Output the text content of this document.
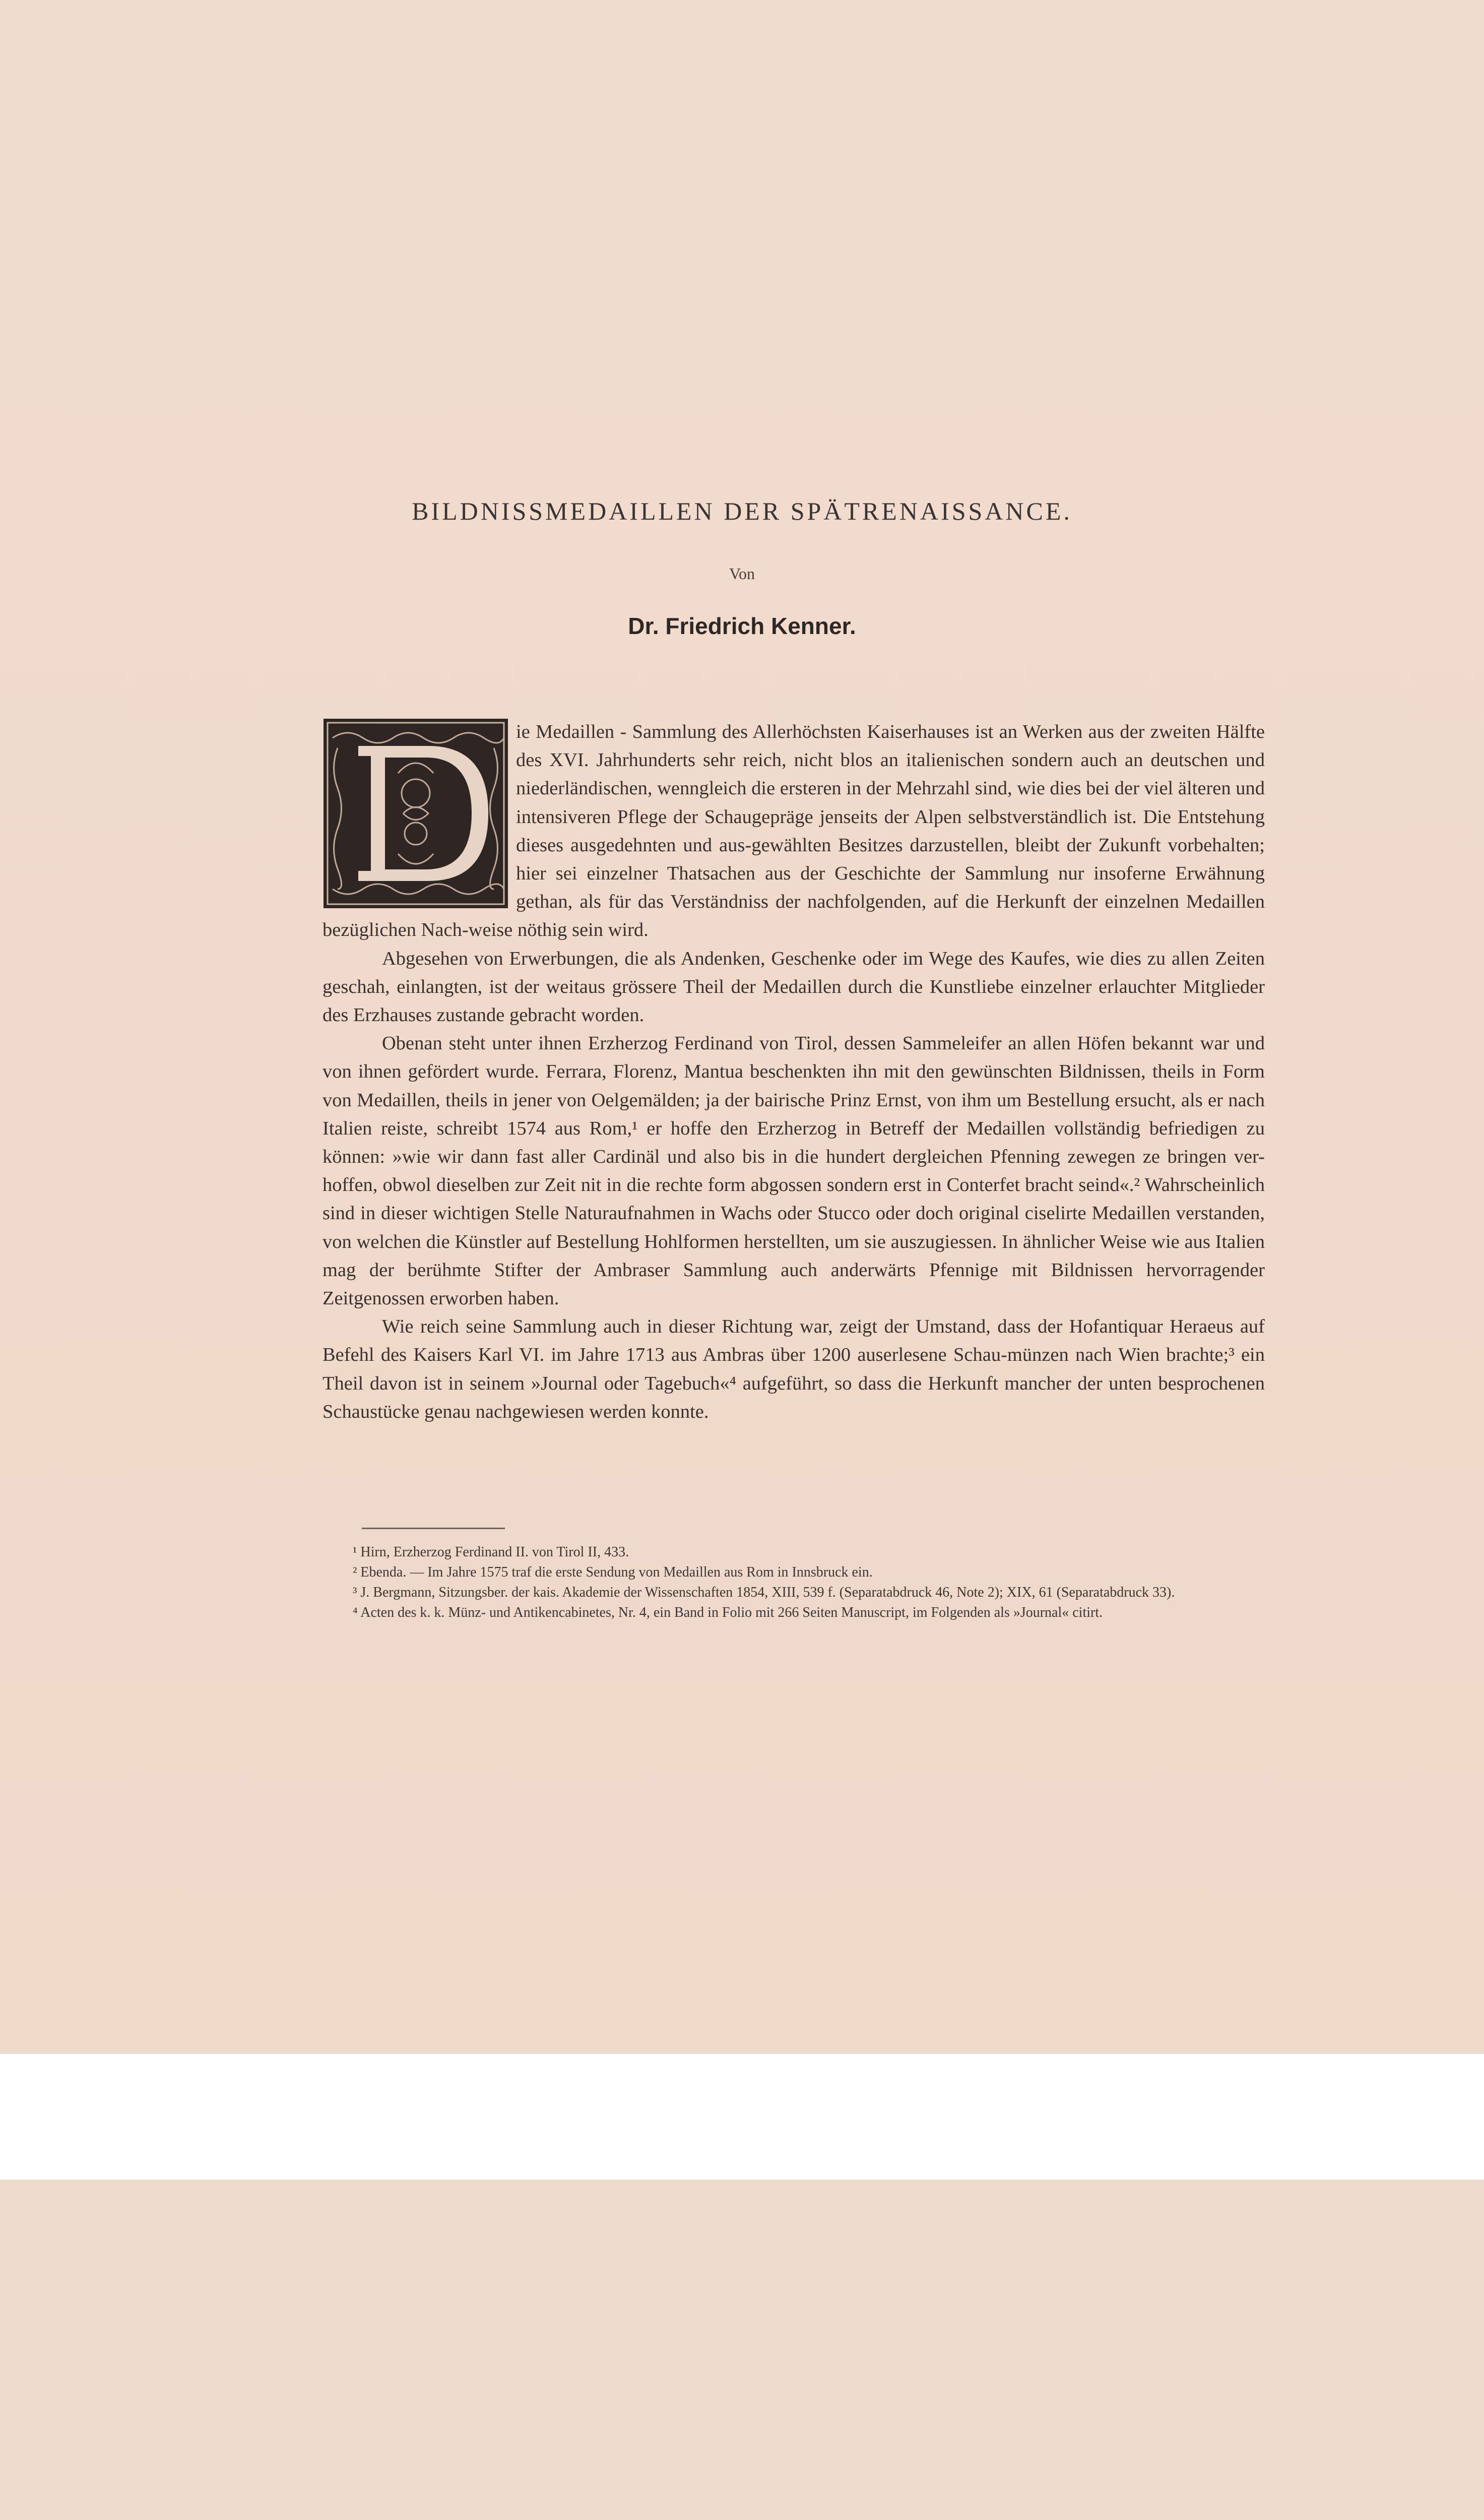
BILDNISSMEDAILLEN DER SPÄTRENAISSANCE.
Von
Dr. Friedrich Kenner.
D

ie Medaillen - Sammlung des Allerhöchsten Kaiserhauses ist an Werken aus der zweiten Hälfte des XVI. Jahrhunderts sehr reich, nicht blos an italienischen sondern auch an deutschen und niederländischen, wenngleich die ersteren in der Mehrzahl sind, wie dies bei der viel älteren und intensiveren Pflege der Schaugepräge jenseits der Alpen selbstverständlich ist. Die Entstehung dieses ausgedehnten und aus-gewählten Besitzes darzustellen, bleibt der Zukunft vorbehalten; hier sei einzelner Thatsachen aus der Geschichte der Sammlung nur insoferne Erwähnung gethan, als für das Verständniss der nachfolgenden, auf die Herkunft der einzelnen Medaillen bezüglichen Nach-weise nöthig sein wird.

Abgesehen von Erwerbungen, die als Andenken, Geschenke oder im Wege des Kaufes, wie dies zu allen Zeiten geschah, einlangten, ist der weitaus grössere Theil der Medaillen durch die Kunstliebe einzelner erlauchter Mitglieder des Erzhauses zustande gebracht worden.

Obenan steht unter ihnen Erzherzog Ferdinand von Tirol, dessen Sammeleifer an allen Höfen bekannt war und von ihnen gefördert wurde. Ferrara, Florenz, Mantua beschenkten ihn mit den gewünschten Bildnissen, theils in Form von Medaillen, theils in jener von Oelgemälden; ja der bairische Prinz Ernst, von ihm um Bestellung ersucht, als er nach Italien reiste, schreibt 1574 aus Rom,¹ er hoffe den Erzherzog in Betreff der Medaillen vollständig befriedigen zu können: »wie wir dann fast aller Cardinäl und also bis in die hundert dergleichen Pfenning zewegen ze bringen ver-hoffen, obwol dieselben zur Zeit nit in die rechte form abgossen sondern erst in Conterfet bracht seind«.² Wahrscheinlich sind in dieser wichtigen Stelle Naturaufnahmen in Wachs oder Stucco oder doch original ciselirte Medaillen verstanden, von welchen die Künstler auf Bestellung Hohlformen herstellten, um sie auszugiessen. In ähnlicher Weise wie aus Italien mag der berühmte Stifter der Ambraser Sammlung auch anderwärts Pfennige mit Bildnissen hervorragender Zeitgenossen erworben haben.

Wie reich seine Sammlung auch in dieser Richtung war, zeigt der Umstand, dass der Hofantiquar Heraeus auf Befehl des Kaisers Karl VI. im Jahre 1713 aus Ambras über 1200 auserlesene Schau-münzen nach Wien brachte;³ ein Theil davon ist in seinem »Journal oder Tagebuch«⁴ aufgeführt, so dass die Herkunft mancher der unten besprochenen Schaustücke genau nachgewiesen werden konnte.

¹ Hirn, Erzherzog Ferdinand II. von Tirol II, 433.

² Ebenda. — Im Jahre 1575 traf die erste Sendung von Medaillen aus Rom in Innsbruck ein.

³ J. Bergmann, Sitzungsber. der kais. Akademie der Wissenschaften 1854, XIII, 539 f. (Separatabdruck 46, Note 2); XIX, 61 (Separatabdruck 33).

⁴ Acten des k. k. Münz- und Antikencabinetes, Nr. 4, ein Band in Folio mit 266 Seiten Manuscript, im Folgenden als »Journal« citirt.
